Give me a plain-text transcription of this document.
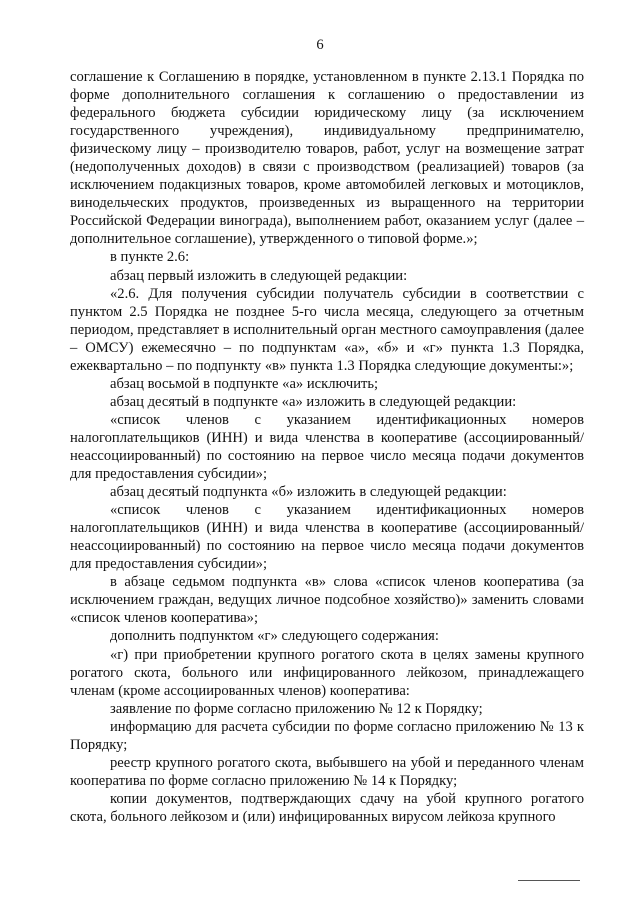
6

соглашение к Соглашению в порядке, установленном в пункте 2.13.1 Порядка по форме дополнительного соглашения к соглашению о предоставлении из федерального бюджета субсидии юридическому лицу (за исключением государственного учреждения), индивидуальному предпринимателю, физическому лицу – производителю товаров, работ, услуг на возмещение затрат (недополученных доходов) в связи с производством (реализацией) товаров (за исключением подакцизных товаров, кроме автомобилей легковых и мотоциклов, винодельческих продуктов, произведенных из выращенного на территории Российской Федерации винограда), выполнением работ, оказанием услуг (далее – дополнительное соглашение), утвержденного о типовой форме.»;

в пункте 2.6:

абзац первый изложить в следующей редакции:

«2.6. Для получения субсидии получатель субсидии в соответствии с пунктом 2.5 Порядка не позднее 5-го числа месяца, следующего за отчетным периодом, представляет в исполнительный орган местного самоуправления (далее – ОМСУ) ежемесячно – по подпунктам «а», «б» и «г» пункта 1.3 Порядка, ежеквартально – по подпункту «в» пункта 1.3 Порядка следующие документы:»;

абзац восьмой в подпункте «а» исключить;

абзац десятый в подпункте «а» изложить в следующей редакции:

«список членов с указанием идентификационных номеров налогоплательщиков (ИНН) и вида членства в кооперативе (ассоциированный/неассоциированный) по состоянию на первое число месяца подачи документов для предоставления субсидии»;

абзац десятый подпункта «б» изложить в следующей редакции:

«список членов с указанием идентификационных номеров налогоплательщиков (ИНН) и вида членства в кооперативе (ассоциированный/неассоциированный) по состоянию на первое число месяца подачи документов для предоставления субсидии»;

в абзаце седьмом подпункта «в» слова «список членов кооператива (за исключением граждан, ведущих личное подсобное хозяйство)» заменить словами «список членов кооператива»;

дополнить подпунктом «г» следующего содержания:

«г) при приобретении крупного рогатого скота в целях замены крупного рогатого скота, больного или инфицированного лейкозом, принадлежащего членам (кроме ассоциированных членов) кооператива:

заявление по форме согласно приложению № 12 к Порядку;

информацию для расчета субсидии по форме согласно приложению № 13 к Порядку;

реестр крупного рогатого скота, выбывшего на убой и переданного членам кооператива по форме согласно приложению № 14 к Порядку;

копии документов, подтверждающих сдачу на убой крупного рогатого скота, больного лейкозом и (или) инфицированных вирусом лейкоза крупного
